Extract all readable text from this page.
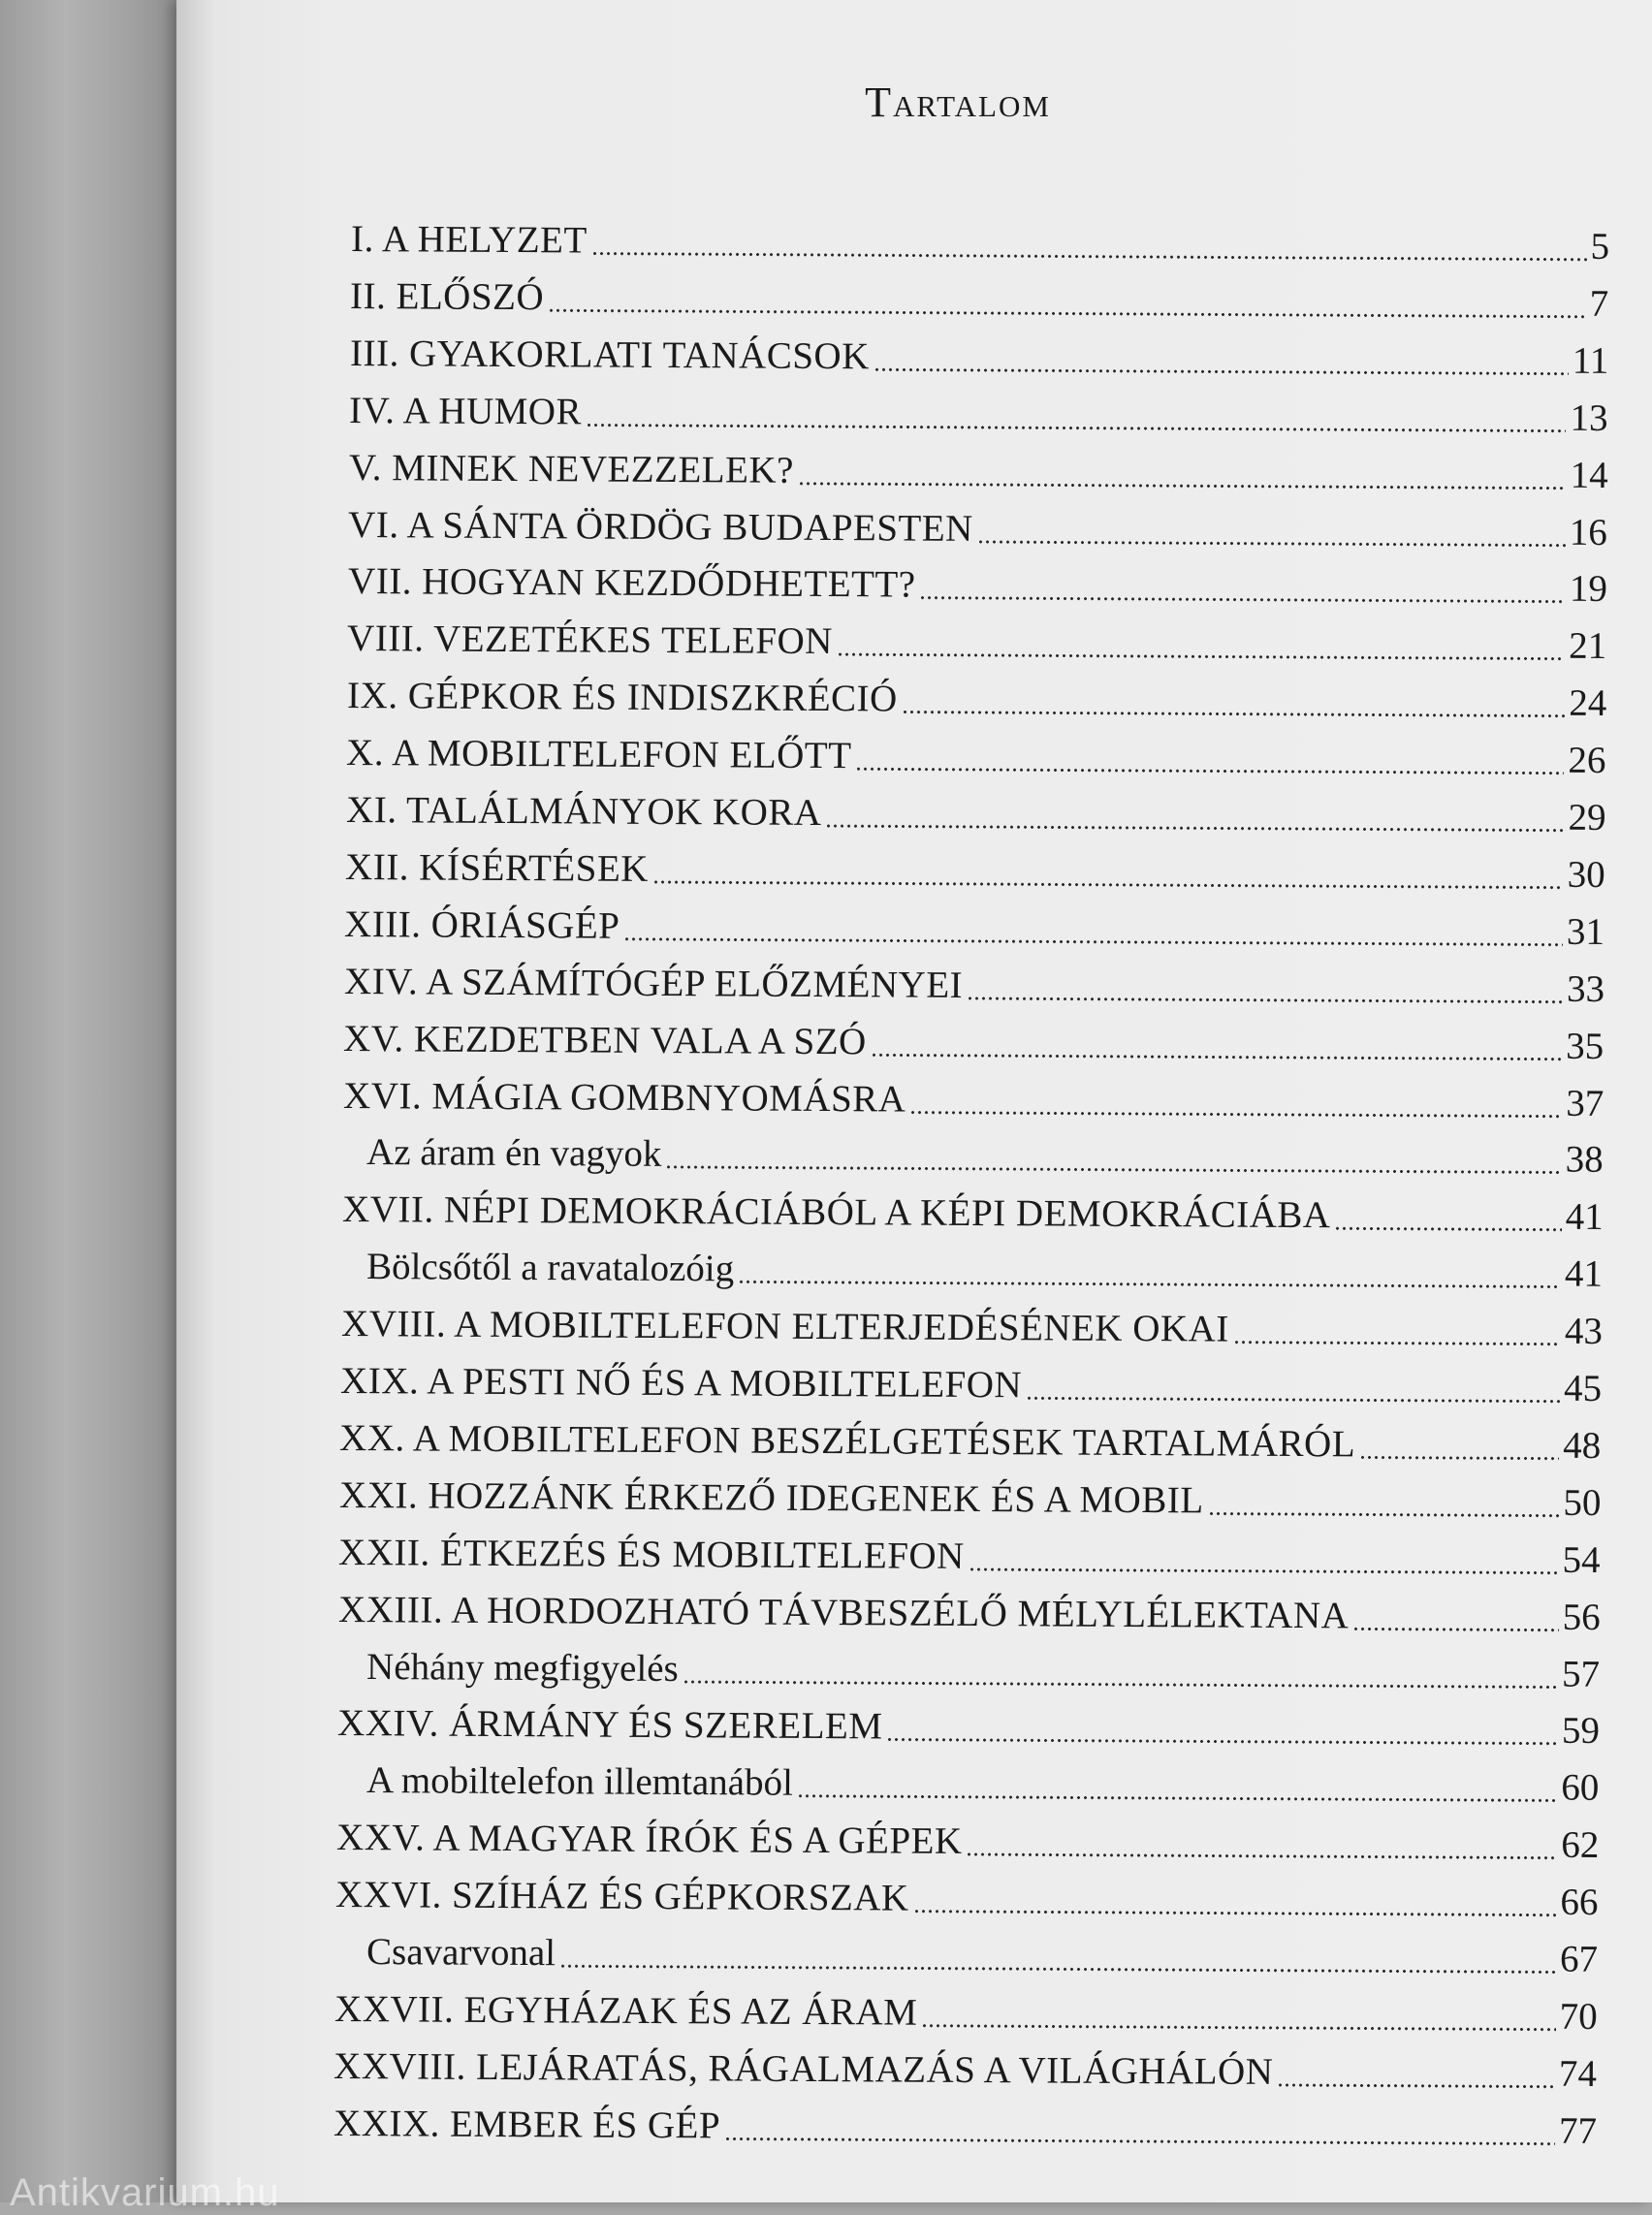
Tartalom
I. A HELYZET	5
II. ELŐSZÓ	7
III. GYAKORLATI TANÁCSOK	11
IV. A HUMOR	13
V. MINEK NEVEZZELEK?	14
VI. A SÁNTA ÖRDÖG BUDAPESTEN	16
VII. HOGYAN KEZDŐDHETETT?	19
VIII. VEZETÉKES TELEFON	21
IX. GÉPKOR ÉS INDISZKRÉCIÓ	24
X. A MOBILTELEFON ELŐTT	26
XI. TALÁLMÁNYOK KORA	29
XII. KÍSÉRTÉSEK	30
XIII. ÓRIÁSGÉP	31
XIV. A SZÁMÍTÓGÉP ELŐZMÉNYEI	33
XV. KEZDETBEN VALA A SZÓ	35
XVI. MÁGIA GOMBNYOMÁSRA	37
Az áram én vagyok	38
XVII. NÉPI DEMOKRÁCIÁBÓL A KÉPI DEMOKRÁCIÁBA	41
Bölcsőtől a ravatalozóig	41
XVIII. A MOBILTELEFON ELTERJEDÉSÉNEK OKAI	43
XIX. A PESTI NŐ ÉS A MOBILTELEFON	45
XX. A MOBILTELEFON BESZÉLGETÉSEK TARTALMÁRÓL	48
XXI. HOZZÁNK ÉRKEZŐ IDEGENEK ÉS A MOBIL	50
XXII. ÉTKEZÉS ÉS MOBILTELEFON	54
XXIII. A HORDOZHATÓ TÁVBESZÉLŐ MÉLYLÉLEKTANA	56
Néhány megfigyelés	57
XXIV. ÁRMÁNY ÉS SZERELEM	59
A mobiltelefon illemtanából	60
XXV. A MAGYAR ÍRÓK ÉS A GÉPEK	62
XXVI. SZÍHÁZ ÉS GÉPKORSZAK	66
Csavarvonal	67
XXVII. EGYHÁZAK ÉS AZ ÁRAM	70
XXVIII. LEJÁRATÁS, RÁGALMAZÁS A VILÁGHÁLÓN	74
XXIX. EMBER ÉS GÉP	77
Antikvarium.hu
